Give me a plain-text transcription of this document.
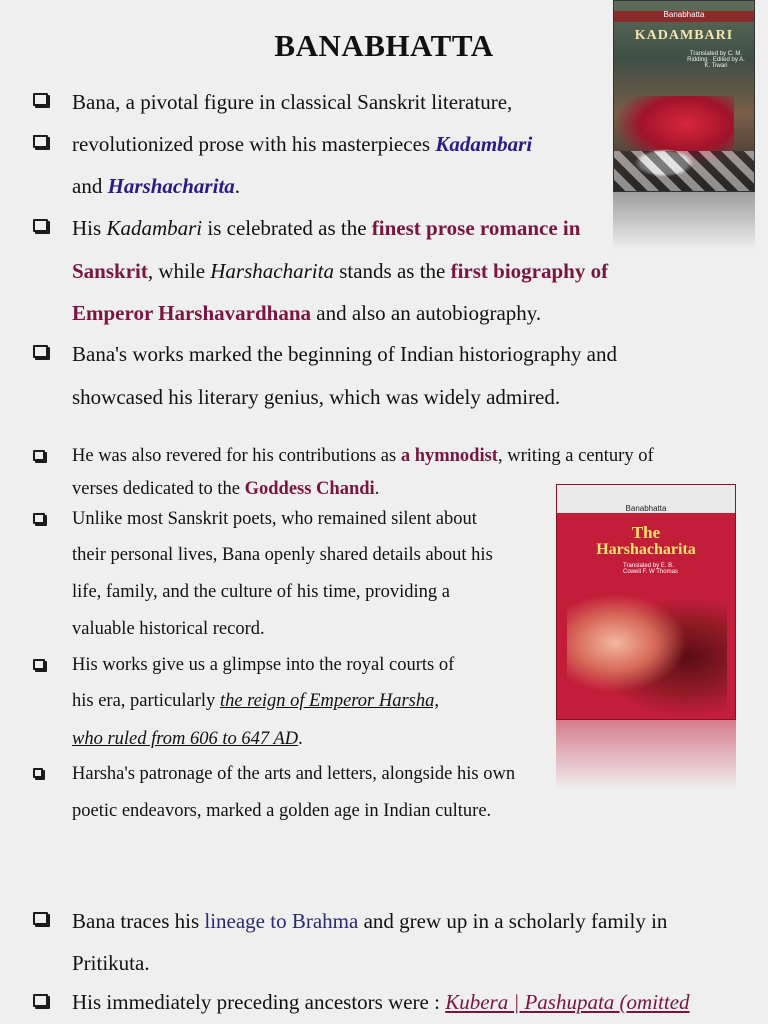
BANABHATTA
Banabhatta
KADAMBARI
Translated by C. M. Ridding · Edited by A. K. Tiwari
Banabhatta
The
Harshacharita
Translated by E. B. Cowell F. W Thomas

Bana, a pivotal figure in classical Sanskrit literature,

revolutionized prose with his masterpieces Kadambari

and Harshacharita.

His Kadambari is celebrated as the finest prose romance in

Sanskrit, while Harshacharita stands as the first biography of

Emperor Harshavardhana and also an autobiography.

Bana's works marked the beginning of Indian historiography and

showcased his literary genius, which was widely admired.

He was also revered for his contributions as a hymnodist, writing a century of

verses dedicated to the Goddess Chandi.

Unlike most Sanskrit poets, who remained silent about

their personal lives, Bana openly shared details about his

life, family, and the culture of his time, providing a

valuable historical record.

His works give us a glimpse into the royal courts of

his era, particularly the reign of Emperor Harsha,

who ruled from 606 to 647 AD.

Harsha's patronage of the arts and letters, alongside his own

poetic endeavors, marked a golden age in Indian culture.

Bana traces his lineage to Brahma and grew up in a scholarly family in

Pritikuta.

His immediately preceding ancestors were : Kubera | Pashupata (omitted
